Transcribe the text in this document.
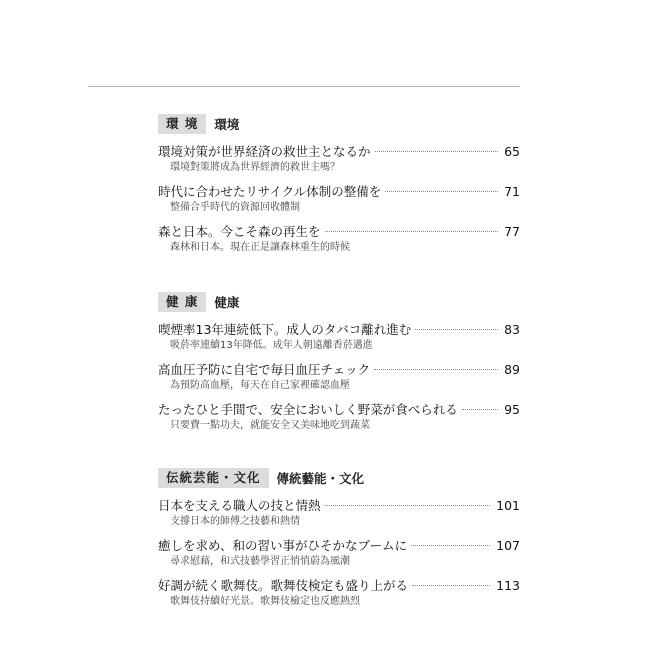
環 境	環境
環境対策が世界経済の救世主となるか	65
環境對策將成為世界經濟的救世主嗎？
時代に合わせたリサイクル体制の整備を	71
整備合乎時代的資源回收體制
森と日本。今こそ森の再生を	77
森林和日本。現在正是讓森林重生的時候
健 康	健康
喫煙率13年連続低下。成人のタバコ離れ進む	83
吸菸率連續13年降低。成年人朝遠離香菸邁進
高血圧予防に自宅で毎日血圧チェック	89
為預防高血壓，每天在自己家裡確認血壓
たったひと手間で、安全においしく野菜が食べられる	95
只要費一點功夫，就能安全又美味地吃到蔬菜
伝統芸能・文化	傳統藝能・文化
日本を支える職人の技と情熱	101
支撐日本的師傅之技藝和熱情
癒しを求め、和の習い事がひそかなブームに	107
尋求慰藉，和式技藝學習正悄悄蔚為風潮
好調が続く歌舞伎。歌舞伎検定も盛り上がる	113
歌舞伎持續好光景。歌舞伎檢定也反應熱烈
